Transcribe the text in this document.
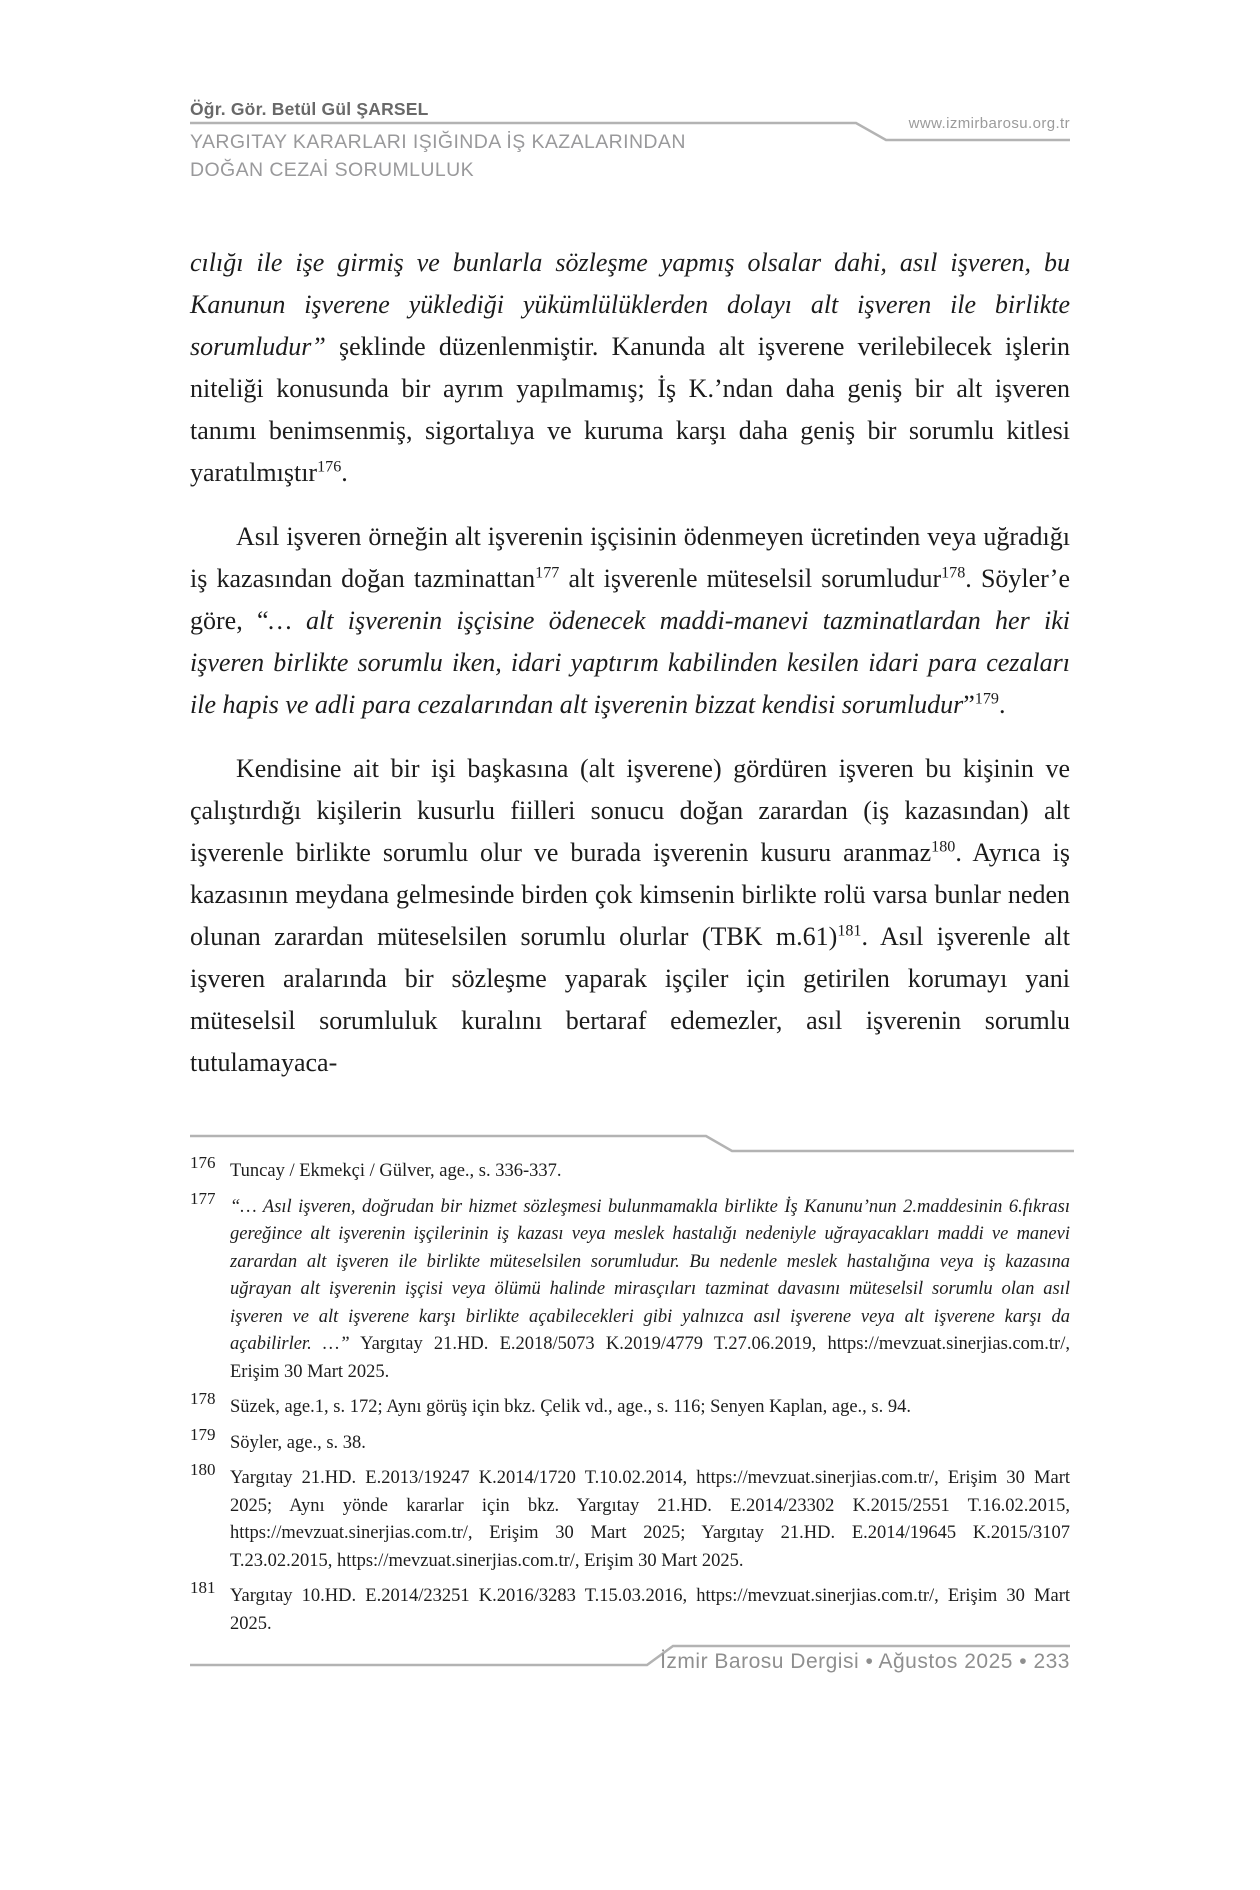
Öğr. Gör. Betül Gül ŞARSEL
www.izmirbarosu.org.tr
YARGITAY KARARLARI IŞIĞINDA İŞ KAZALARINDAN
DOĞAN CEZAİ SORUMLULUK

cılığı ile işe girmiş ve bunlarla sözleşme yapmış olsalar dahi, asıl işveren, bu Kanunun işverene yüklediği yükümlülüklerden dolayı alt işveren ile birlikte sorumludur” şeklinde düzenlenmiştir. Kanunda alt işverene verilebilecek işlerin niteliği konusunda bir ayrım yapılmamış; İş K.’ndan daha geniş bir alt işveren tanımı benimsenmiş, sigortalıya ve kuruma karşı daha geniş bir sorumlu kitlesi yaratılmıştır$^{176}$.

Asıl işveren örneğin alt işverenin işçisinin ödenmeyen ücretinden veya uğradığı iş kazasından doğan tazminattan$^{177}$ alt işverenle müteselsil sorumludur$^{178}$. Söyler’e göre, “… alt işverenin işçisine ödenecek maddi-manevi tazminatlardan her iki işveren birlikte sorumlu iken, idari yaptırım kabilinden kesilen idari para cezaları ile hapis ve adli para cezalarından alt işverenin bizzat kendisi sorumludur”$^{179}$.

Kendisine ait bir işi başkasına (alt işverene) gördüren işveren bu kişinin ve çalıştırdığı kişilerin kusurlu fiilleri sonucu doğan zarardan (iş kazasından) alt işverenle birlikte sorumlu olur ve burada işverenin kusuru aranmaz$^{180}$. Ayrıca iş kazasının meydana gelmesinde birden çok kimsenin birlikte rolü varsa bunlar neden olunan zarardan müteselsilen sorumlu olurlar (TBK m.61)$^{181}$. Asıl işverenle alt işveren aralarında bir sözleşme yaparak işçiler için getirilen korumayı yani müteselsil sorumluluk kuralını bertaraf edemezler, asıl işverenin sorumlu tutulamayaca-

176 Tuncay / Ekmekçi / Gülver, age., s. 336-337.
177 “… Asıl işveren, doğrudan bir hizmet sözleşmesi bulunmamakla birlikte İş Kanunu’nun 2.maddesinin 6.fıkrası gereğince alt işverenin işçilerinin iş kazası veya meslek hastalığı nedeniyle uğrayacakları maddi ve manevi zarardan alt işveren ile birlikte müteselsilen sorumludur. Bu nedenle meslek hastalığına veya iş kazasına uğrayan alt işverenin işçisi veya ölümü halinde mirasçıları tazminat davasını müteselsil sorumlu olan asıl işveren ve alt işverene karşı birlikte açabilecekleri gibi yalnızca asıl işverene veya alt işverene karşı da açabilirler. …” Yargıtay 21.HD. E.2018/5073 K.2019/4779 T.27.06.2019, https://mevzuat.sinerjias.com.tr/, Erişim 30 Mart 2025.
178 Süzek, age.1, s. 172; Aynı görüş için bkz. Çelik vd., age., s. 116; Senyen Kaplan, age., s. 94.
179 Söyler, age., s. 38.
180 Yargıtay 21.HD. E.2013/19247 K.2014/1720 T.10.02.2014, https://mevzuat.sinerjias.com.tr/, Erişim 30 Mart 2025; Aynı yönde kararlar için bkz. Yargıtay 21.HD. E.2014/23302 K.2015/2551 T.16.02.2015, https://mevzuat.sinerjias.com.tr/, Erişim 30 Mart 2025; Yargıtay 21.HD. E.2014/19645 K.2015/3107 T.23.02.2015, https://mevzuat.sinerjias.com.tr/, Erişim 30 Mart 2025.
181 Yargıtay 10.HD. E.2014/23251 K.2016/3283 T.15.03.2016, https://mevzuat.sinerjias.com.tr/, Erişim 30 Mart 2025.
İzmir Barosu Dergisi • Ağustos 2025 • 233
